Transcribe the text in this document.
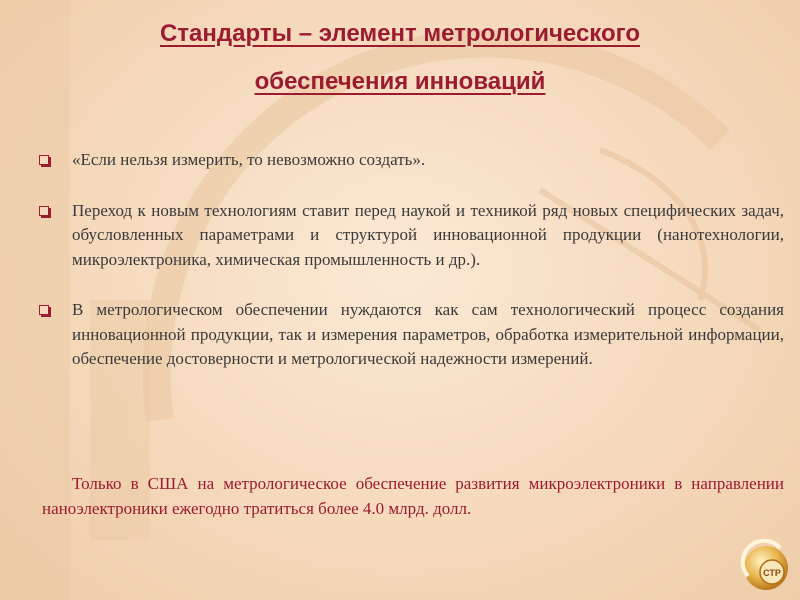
Стандарты – элемент метрологического
обеспечения инноваций
«Если нельзя измерить, то невозможно создать».
Переход к новым технологиям ставит перед наукой и техникой ряд новых специфических задач, обусловленных параметрами и структурой инновационной продукции (нанотехнологии, микроэлектроника, химическая промышленность и др.).
В метрологическом обеспечении нуждаются как сам технологический процесс создания инновационной продукции, так и измерения параметров, обработка измерительной информации, обеспечение достоверности и метрологической надежности измерений.
Только в США на метрологическое обеспечение развития микроэлектроники в направлении наноэлектроники ежегодно тратиться более 4.0 млрд. долл.
СТР
